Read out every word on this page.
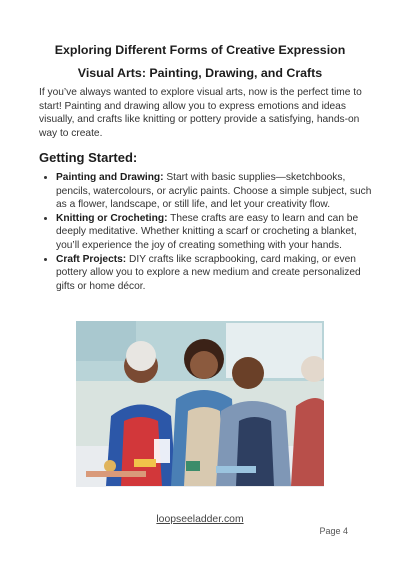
Exploring Different Forms of Creative Expression
Visual Arts: Painting, Drawing, and Crafts

If you’ve always wanted to explore visual arts, now is the perfect time to start! Painting and drawing allow you to express emotions and ideas visually, and crafts like knitting or pottery provide a satisfying, hands-on way to create.

Getting Started:
• Painting and Drawing: Start with basic supplies—sketchbooks, pencils, watercolours, or acrylic paints. Choose a simple subject, such as a flower, landscape, or still life, and let your creativity flow.
• Knitting or Crocheting: These crafts are easy to learn and can be deeply meditative. Whether knitting a scarf or crocheting a blanket, you’ll experience the joy of creating something with your hands.
• Craft Projects: DIY crafts like scrapbooking, card making, or even pottery allow you to explore a new medium and create personalized gifts or home décor.
loopseeladder.com
Page 4
